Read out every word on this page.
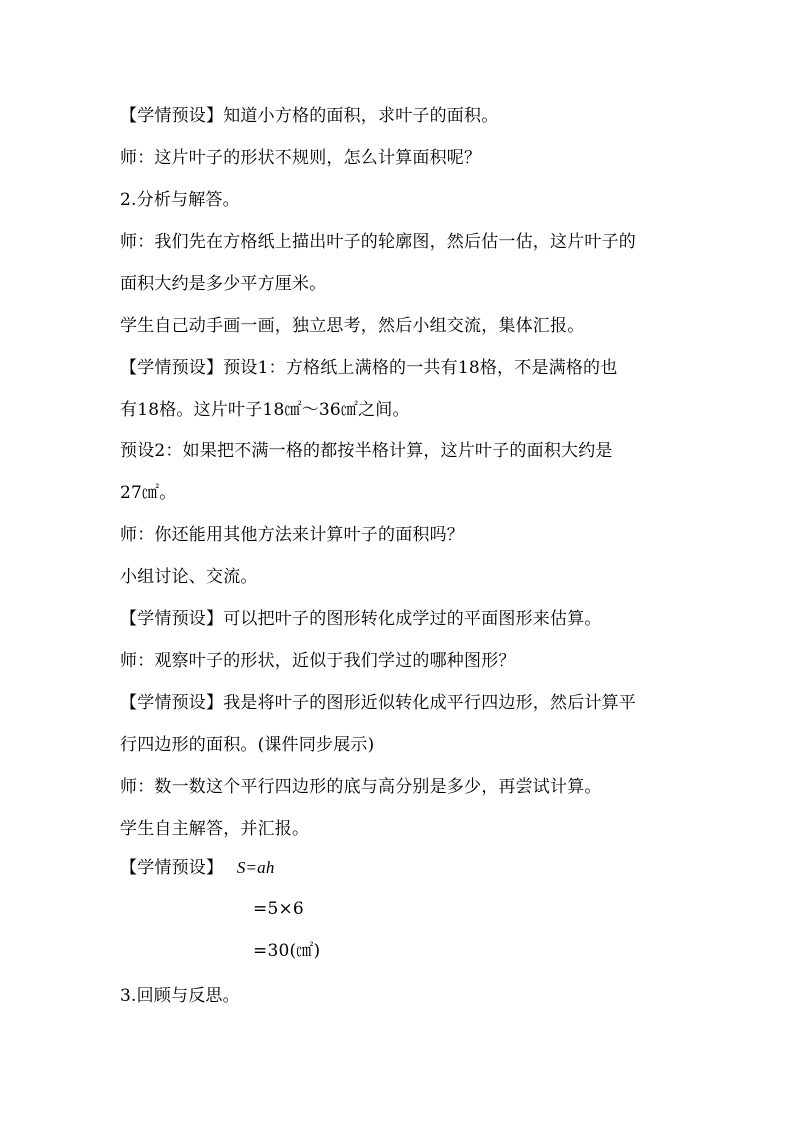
【学情预设】知道小方格的面积，求叶子的面积。
师：这片叶子的形状不规则，怎么计算面积呢？
2.分析与解答。
师：我们先在方格纸上描出叶子的轮廓图，然后估一估，这片叶子的
面积大约是多少平方厘米。
学生自己动手画一画，独立思考，然后小组交流，集体汇报。
【学情预设】预设1：方格纸上满格的一共有18格，不是满格的也
有18格。这片叶子18㎠～36㎠之间。
预设2：如果把不满一格的都按半格计算，这片叶子的面积大约是
27㎠。
师：你还能用其他方法来计算叶子的面积吗？
小组讨论、交流。
【学情预设】可以把叶子的图形转化成学过的平面图形来估算。
师：观察叶子的形状，近似于我们学过的哪种图形？
【学情预设】我是将叶子的图形近似转化成平行四边形，然后计算平
行四边形的面积。(课件同步展示)
师：数一数这个平行四边形的底与高分别是多少，再尝试计算。
学生自主解答，并汇报。
【学情预设】 S=ah
=5×6
=30(㎠)
3.回顾与反思。
